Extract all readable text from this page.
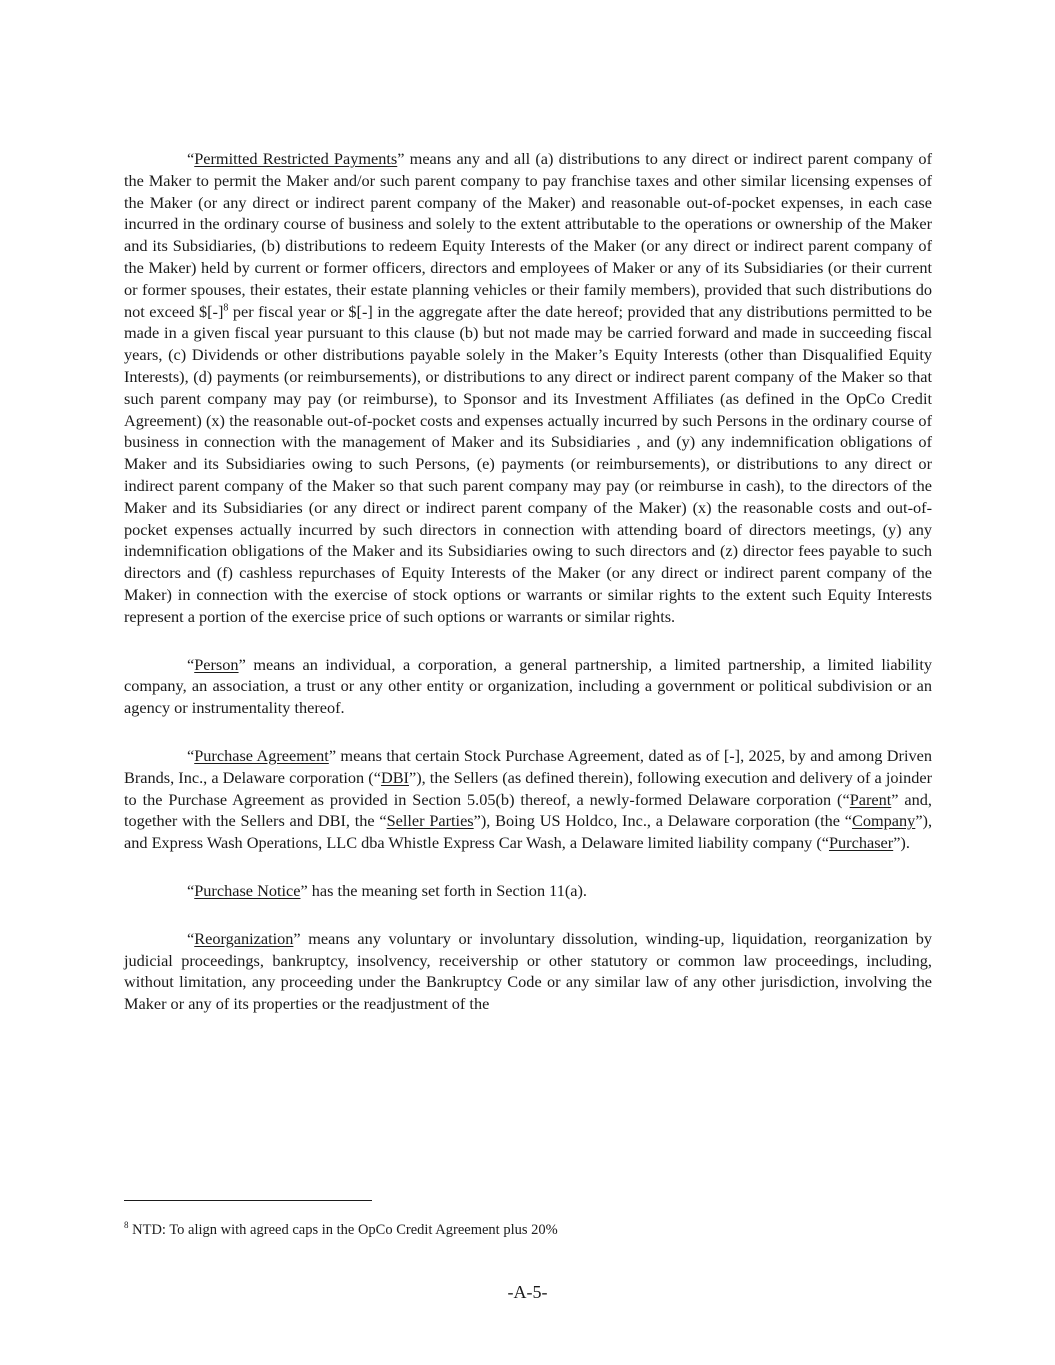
“Permitted Restricted Payments” means any and all (a) distributions to any direct or indirect parent company of the Maker to permit the Maker and/or such parent company to pay franchise taxes and other similar licensing expenses of the Maker (or any direct or indirect parent company of the Maker) and reasonable out-of-pocket expenses, in each case incurred in the ordinary course of business and solely to the extent attributable to the operations or ownership of the Maker and its Subsidiaries, (b) distributions to redeem Equity Interests of the Maker (or any direct or indirect parent company of the Maker) held by current or former officers, directors and employees of Maker or any of its Subsidiaries (or their current or former spouses, their estates, their estate planning vehicles or their family members), provided that such distributions do not exceed $\$[-]^8$ per fiscal year or $[-] in the aggregate after the date hereof; provided that any distributions permitted to be made in a given fiscal year pursuant to this clause (b) but not made may be carried forward and made in succeeding fiscal years, (c) Dividends or other distributions payable solely in the Maker’s Equity Interests (other than Disqualified Equity Interests), (d) payments (or reimbursements), or distributions to any direct or indirect parent company of the Maker so that such parent company may pay (or reimburse), to Sponsor and its Investment Affiliates (as defined in the OpCo Credit Agreement) (x) the reasonable out-of-pocket costs and expenses actually incurred by such Persons in the ordinary course of business in connection with the management of Maker and its Subsidiaries , and (y) any indemnification obligations of Maker and its Subsidiaries owing to such Persons, (e) payments (or reimbursements), or distributions to any direct or indirect parent company of the Maker so that such parent company may pay (or reimburse in cash), to the directors of the Maker and its Subsidiaries (or any direct or indirect parent company of the Maker) (x) the reasonable costs and out-of-pocket expenses actually incurred by such directors in connection with attending board of directors meetings, (y) any indemnification obligations of the Maker and its Subsidiaries owing to such directors and (z) director fees payable to such directors and (f) cashless repurchases of Equity Interests of the Maker (or any direct or indirect parent company of the Maker) in connection with the exercise of stock options or warrants or similar rights to the extent such Equity Interests represent a portion of the exercise price of such options or warrants or similar rights.

“Person” means an individual, a corporation, a general partnership, a limited partnership, a limited liability company, an association, a trust or any other entity or organization, including a government or political subdivision or an agency or instrumentality thereof.

“Purchase Agreement” means that certain Stock Purchase Agreement, dated as of [-], 2025, by and among Driven Brands, Inc., a Delaware corporation (“DBI”), the Sellers (as defined therein), following execution and delivery of a joinder to the Purchase Agreement as provided in Section 5.05(b) thereof, a newly-formed Delaware corporation (“Parent” and, together with the Sellers and DBI, the “Seller Parties”), Boing US Holdco, Inc., a Delaware corporation (the “Company”), and Express Wash Operations, LLC dba Whistle Express Car Wash, a Delaware limited liability company (“Purchaser”).

“Purchase Notice” has the meaning set forth in Section 11(a).

“Reorganization” means any voluntary or involuntary dissolution, winding-up, liquidation, reorganization by judicial proceedings, bankruptcy, insolvency, receivership or other statutory or common law proceedings, including, without limitation, any proceeding under the Bankruptcy Code or any similar law of any other jurisdiction, involving the Maker or any of its properties or the readjustment of the

$^8$ NTD: To align with agreed caps in the OpCo Credit Agreement plus 20%
-A-5-
